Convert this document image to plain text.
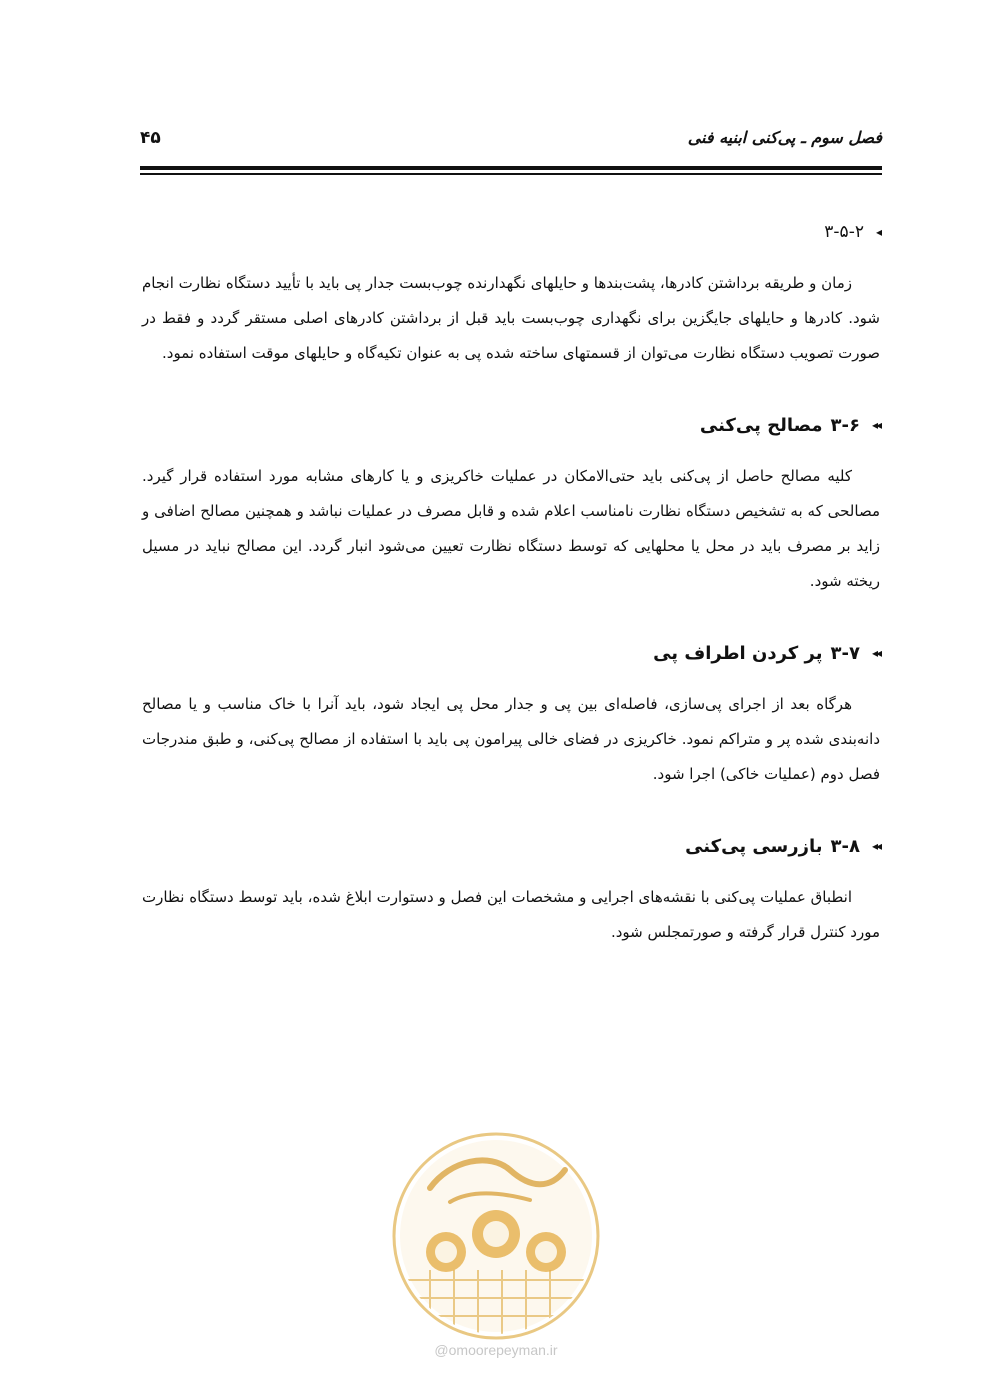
فصل سوم ـ پی‌کنی ابنیه فنی
۴۵
◂
۳-۵-۲

زمان و طریقه برداشتن کادرها، پشت‌بندها و حایلهای نگهدارنده چوب‌بست جدار پی باید با تأیید دستگاه نظارت انجام شود. کادرها و حایلهای جایگزین برای نگهداری چوب‌بست باید قبل از برداشتن کادرهای اصلی مستقر گردد و فقط در صورت تصویب دستگاه نظارت می‌توان از قسمتهای ساخته شده پی به عنوان تکیه‌گاه و حایلهای موقت استفاده نمود.

◂◂
۳-۶
مصالح پی‌کنی

کلیه مصالح حاصل از پی‌کنی باید حتی‌الامکان در عملیات خاکریزی و یا کارهای مشابه مورد استفاده قرار گیرد. مصالحی که به تشخیص دستگاه نظارت نامناسب اعلام شده و قابل مصرف در عملیات نباشد و همچنین مصالح اضافی و زاید بر مصرف باید در محل یا محلهایی که توسط دستگاه نظارت تعیین می‌شود انبار گردد. این مصالح نباید در مسیل ریخته شود.

◂◂
۳-۷
پر کردن اطراف پی

هرگاه بعد از اجرای پی‌سازی، فاصله‌ای بین پی و جدار محل پی ایجاد شود، باید آنرا با خاک مناسب و یا مصالح دانه‌بندی شده پر و متراکم نمود. خاکریزی در فضای خالی پیرامون پی باید با استفاده از مصالح پی‌کنی، و طبق مندرجات فصل دوم (عملیات خاکی) اجرا شود.

◂◂
۳-۸
بازرسی پی‌کنی

انطباق عملیات پی‌کنی با نقشه‌های اجرایی و مشخصات این فصل و دستوارت ابلاغ شده، باید توسط دستگاه نظارت مورد کنترل قرار گرفته و صورتمجلس شود.

@omoorepeyman.ir
